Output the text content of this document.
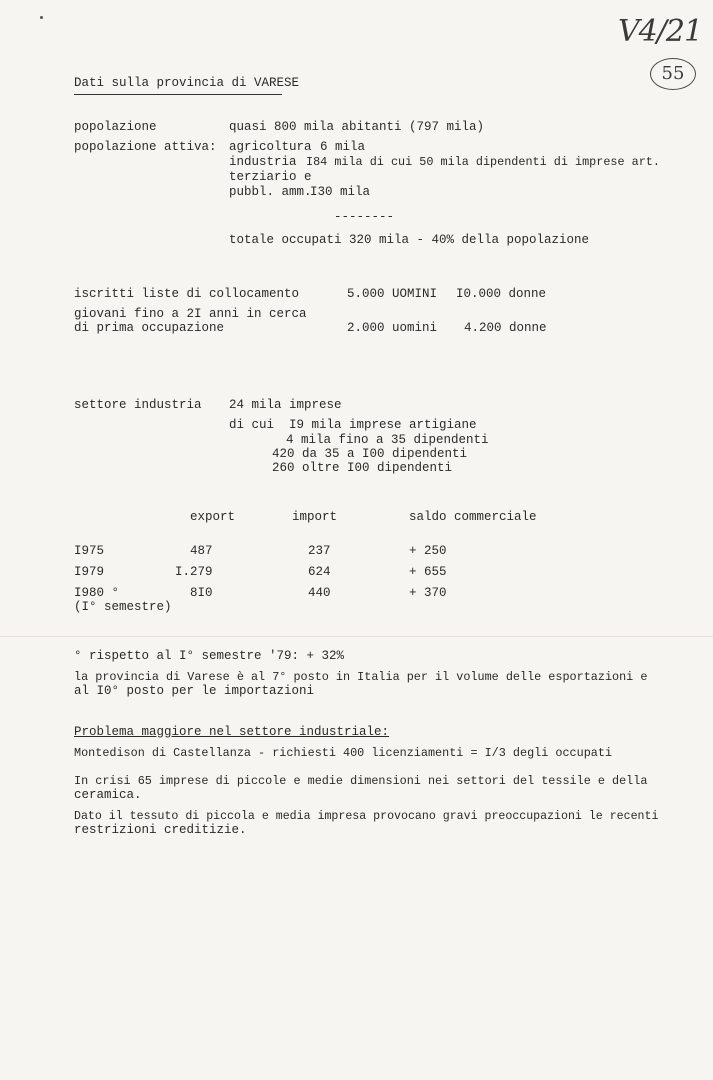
V4/21
55
Dati sulla provincia di VARESE
popolazione	quasi 800 mila abitanti (797 mila)
popolazione attiva: agricoltura 6 mila
industria I84 mila di cui 50 mila dipendenti di imprese art.
terziario e
pubbl. amm.
I30 mila
--------
totale occupati 320 mila - 40% della popolazione
iscritti liste di collocamento	5.000 UOMINI I0.000 donne
giovani fino a 2I anni in cerca
di prima occupazione	2.000 uomini 4.200 donne
settore industria 24 mila imprese
di cui  I9 mila imprese artigiane
4 mila fino a 35 dipendenti
420 da 35 a I00 dipendenti
260 oltre I00 dipendenti
export	import	saldo commerciale
I975	487	237	+ 250
I979	I.279	624	+ 655
I980 °	8I0	440	+ 370
(I° semestre)
° rispetto al I° semestre '79: + 32%
la provincia di Varese è al 7° posto in Italia per il volume delle esportazioni e
al I0° posto per le importazioni
Problema maggiore nel settore industriale:
Montedison di Castellanza - richiesti 400 licenziamenti = I/3 degli occupati
In crisi 65 imprese di piccole e medie dimensioni nei settori del tessile e della
ceramica.
Dato il tessuto di piccola e media impresa provocano gravi preoccupazioni le recenti
restrizioni creditizie.
